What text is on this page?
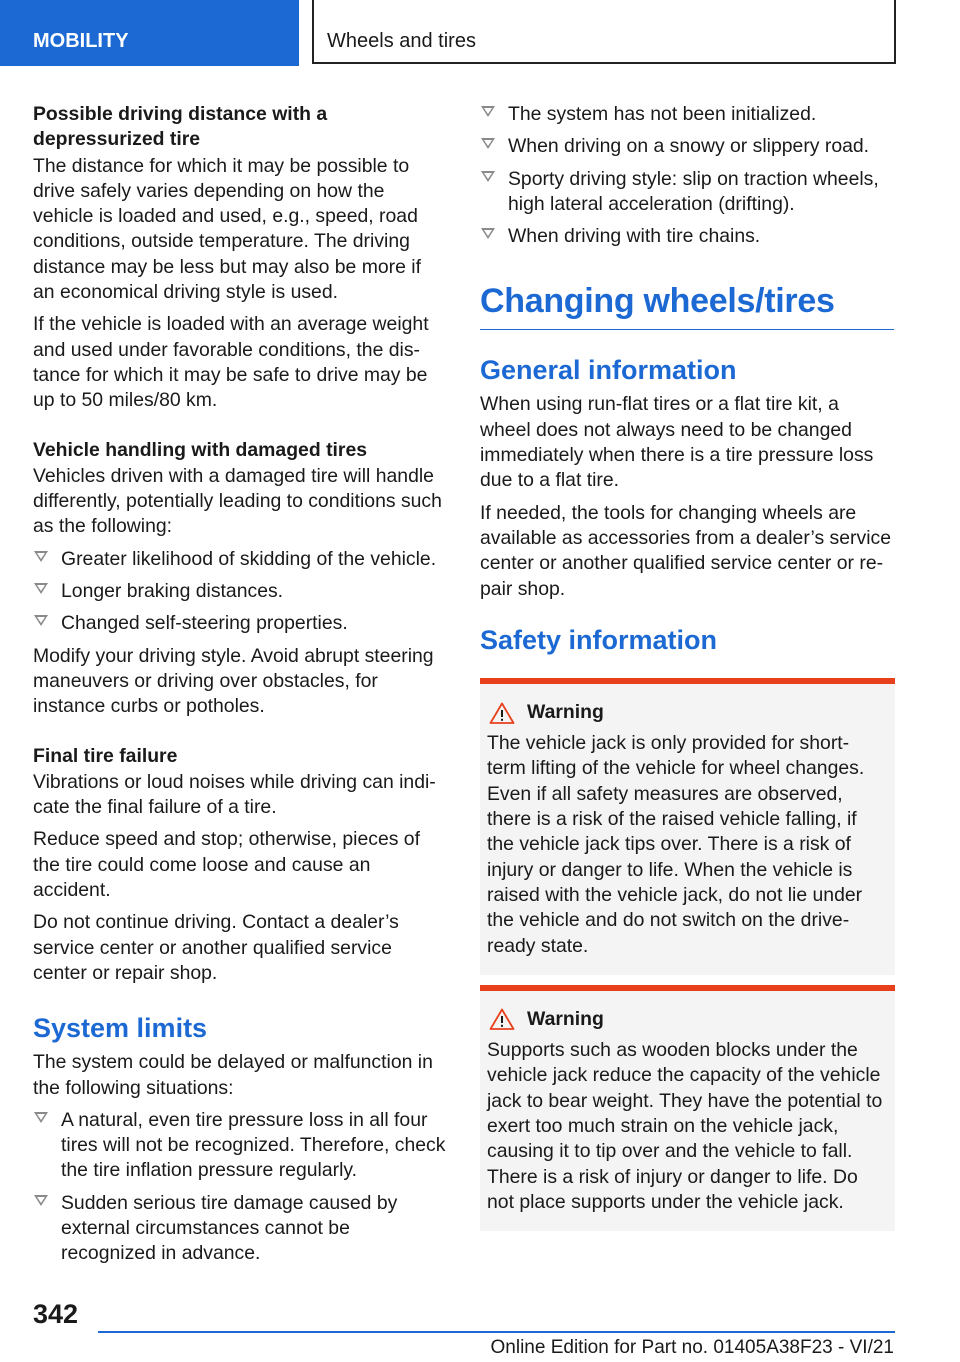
MOBILITY	Wheels and tires
Possible driving distance with a depressurized tire

The distance for which it may be possible to drive safely varies depending on how the vehicle is loaded and used, e.g., speed, road conditions, outside temperature. The driving distance may be less but may also be more if an economical driving style is used.

If the vehicle is loaded with an average weight and used under favorable conditions, the distance for which it may be safe to drive may be up to 50 miles/80 km.

Vehicle handling with damaged tires

Vehicles driven with a damaged tire will handle differently, potentially leading to conditions such as the following:

Greater likelihood of skidding of the vehicle.
Longer braking distances.
Changed self-steering properties.

Modify your driving style. Avoid abrupt steering maneuvers or driving over obstacles, for instance curbs or potholes.

Final tire failure

Vibrations or loud noises while driving can indicate the final failure of a tire.

Reduce speed and stop; otherwise, pieces of the tire could come loose and cause an accident.

Do not continue driving. Contact a dealer’s service center or another qualified service center or repair shop.

System limits

The system could be delayed or malfunction in the following situations:

A natural, even tire pressure loss in all four tires will not be recognized. Therefore, check the tire inflation pressure regularly.
Sudden serious tire damage caused by external circumstances cannot be recognized in advance.
The system has not been initialized.
When driving on a snowy or slippery road.
Sporty driving style: slip on traction wheels, high lateral acceleration (drifting).
When driving with tire chains.
Changing wheels/tires
General information

When using run-flat tires or a flat tire kit, a wheel does not always need to be changed immediately when there is a tire pressure loss due to a flat tire.

If needed, the tools for changing wheels are available as accessories from a dealer’s service center or another qualified service center or repair shop.

Safety information
Warning
The vehicle jack is only provided for short-term lifting of the vehicle for wheel changes. Even if all safety measures are observed, there is a risk of the raised vehicle falling, if the vehicle jack tips over. There is a risk of injury or danger to life. When the vehicle is raised with the vehicle jack, do not lie under the vehicle and do not switch on the drive-ready state.
Warning
Supports such as wooden blocks under the vehicle jack reduce the capacity of the vehicle jack to bear weight. They have the potential to exert too much strain on the vehicle jack, causing it to tip over and the vehicle to fall. There is a risk of injury or danger to life. Do not place supports under the vehicle jack.
342
Online Edition for Part no. 01405A38F23 - VI/21
